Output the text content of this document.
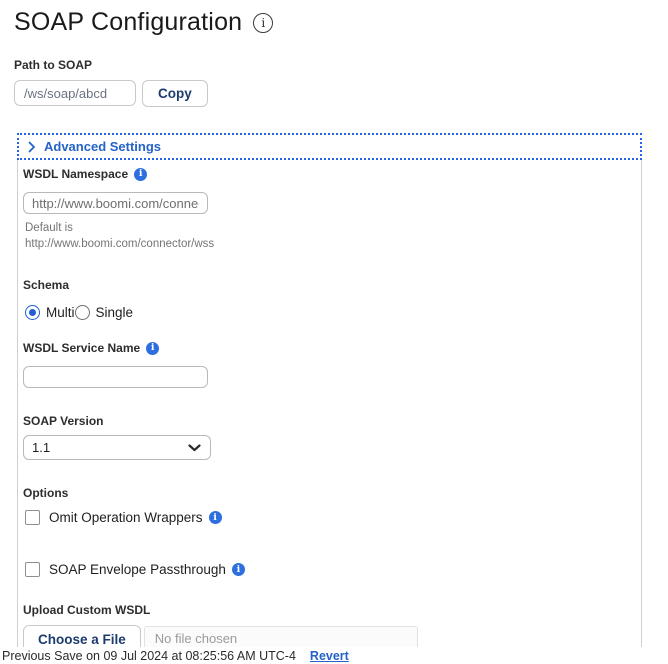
SOAP Configuration
i
Path to SOAP
/ws/soap/abcd
Copy
Advanced Settings
WSDL Namespace
i
http://www.boomi.com/connector/wss
Default is
http://www.boomi.com/connector/wss
Schema
Multi Single
WSDL Service Name
i
SOAP Version
1.1
Options
Omit Operation Wrappers
i
SOAP Envelope Passthrough
i
Upload Custom WSDL
Choose a File	No file chosen
Previous Save on 09 Jul 2024 at 08:25:56 AM UTC-4 Revert
